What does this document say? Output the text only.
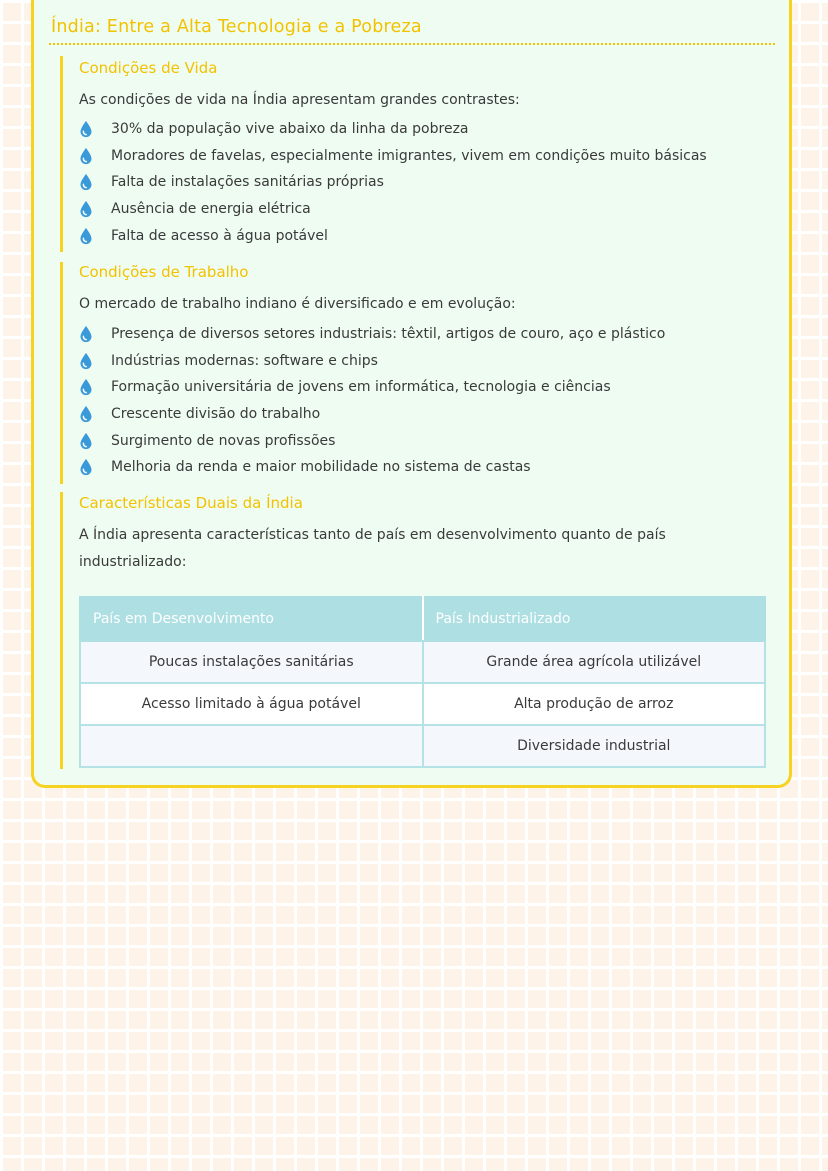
Índia: Entre a Alta Tecnologia e a Pobreza
Condições de Vida

As condições de vida na Índia apresentam grandes contrastes:

30% da população vive abaixo da linha da pobreza
Moradores de favelas, especialmente imigrantes, vivem em condições muito básicas
Falta de instalações sanitárias próprias
Ausência de energia elétrica
Falta de acesso à água potável
Condições de Trabalho

O mercado de trabalho indiano é diversificado e em evolução:

Presença de diversos setores industriais: têxtil, artigos de couro, aço e plástico
Indústrias modernas: software e chips
Formação universitária de jovens em informática, tecnologia e ciências
Crescente divisão do trabalho
Surgimento de novas profissões
Melhoria da renda e maior mobilidade no sistema de castas
Características Duais da Índia

A Índia apresenta características tanto de país em desenvolvimento quanto de país industrializado:

País em Desenvolvimento	País Industrializado
Poucas instalações sanitárias	Grande área agrícola utilizável
Acesso limitado à água potável	Alta produção de arroz
	Diversidade industrial
